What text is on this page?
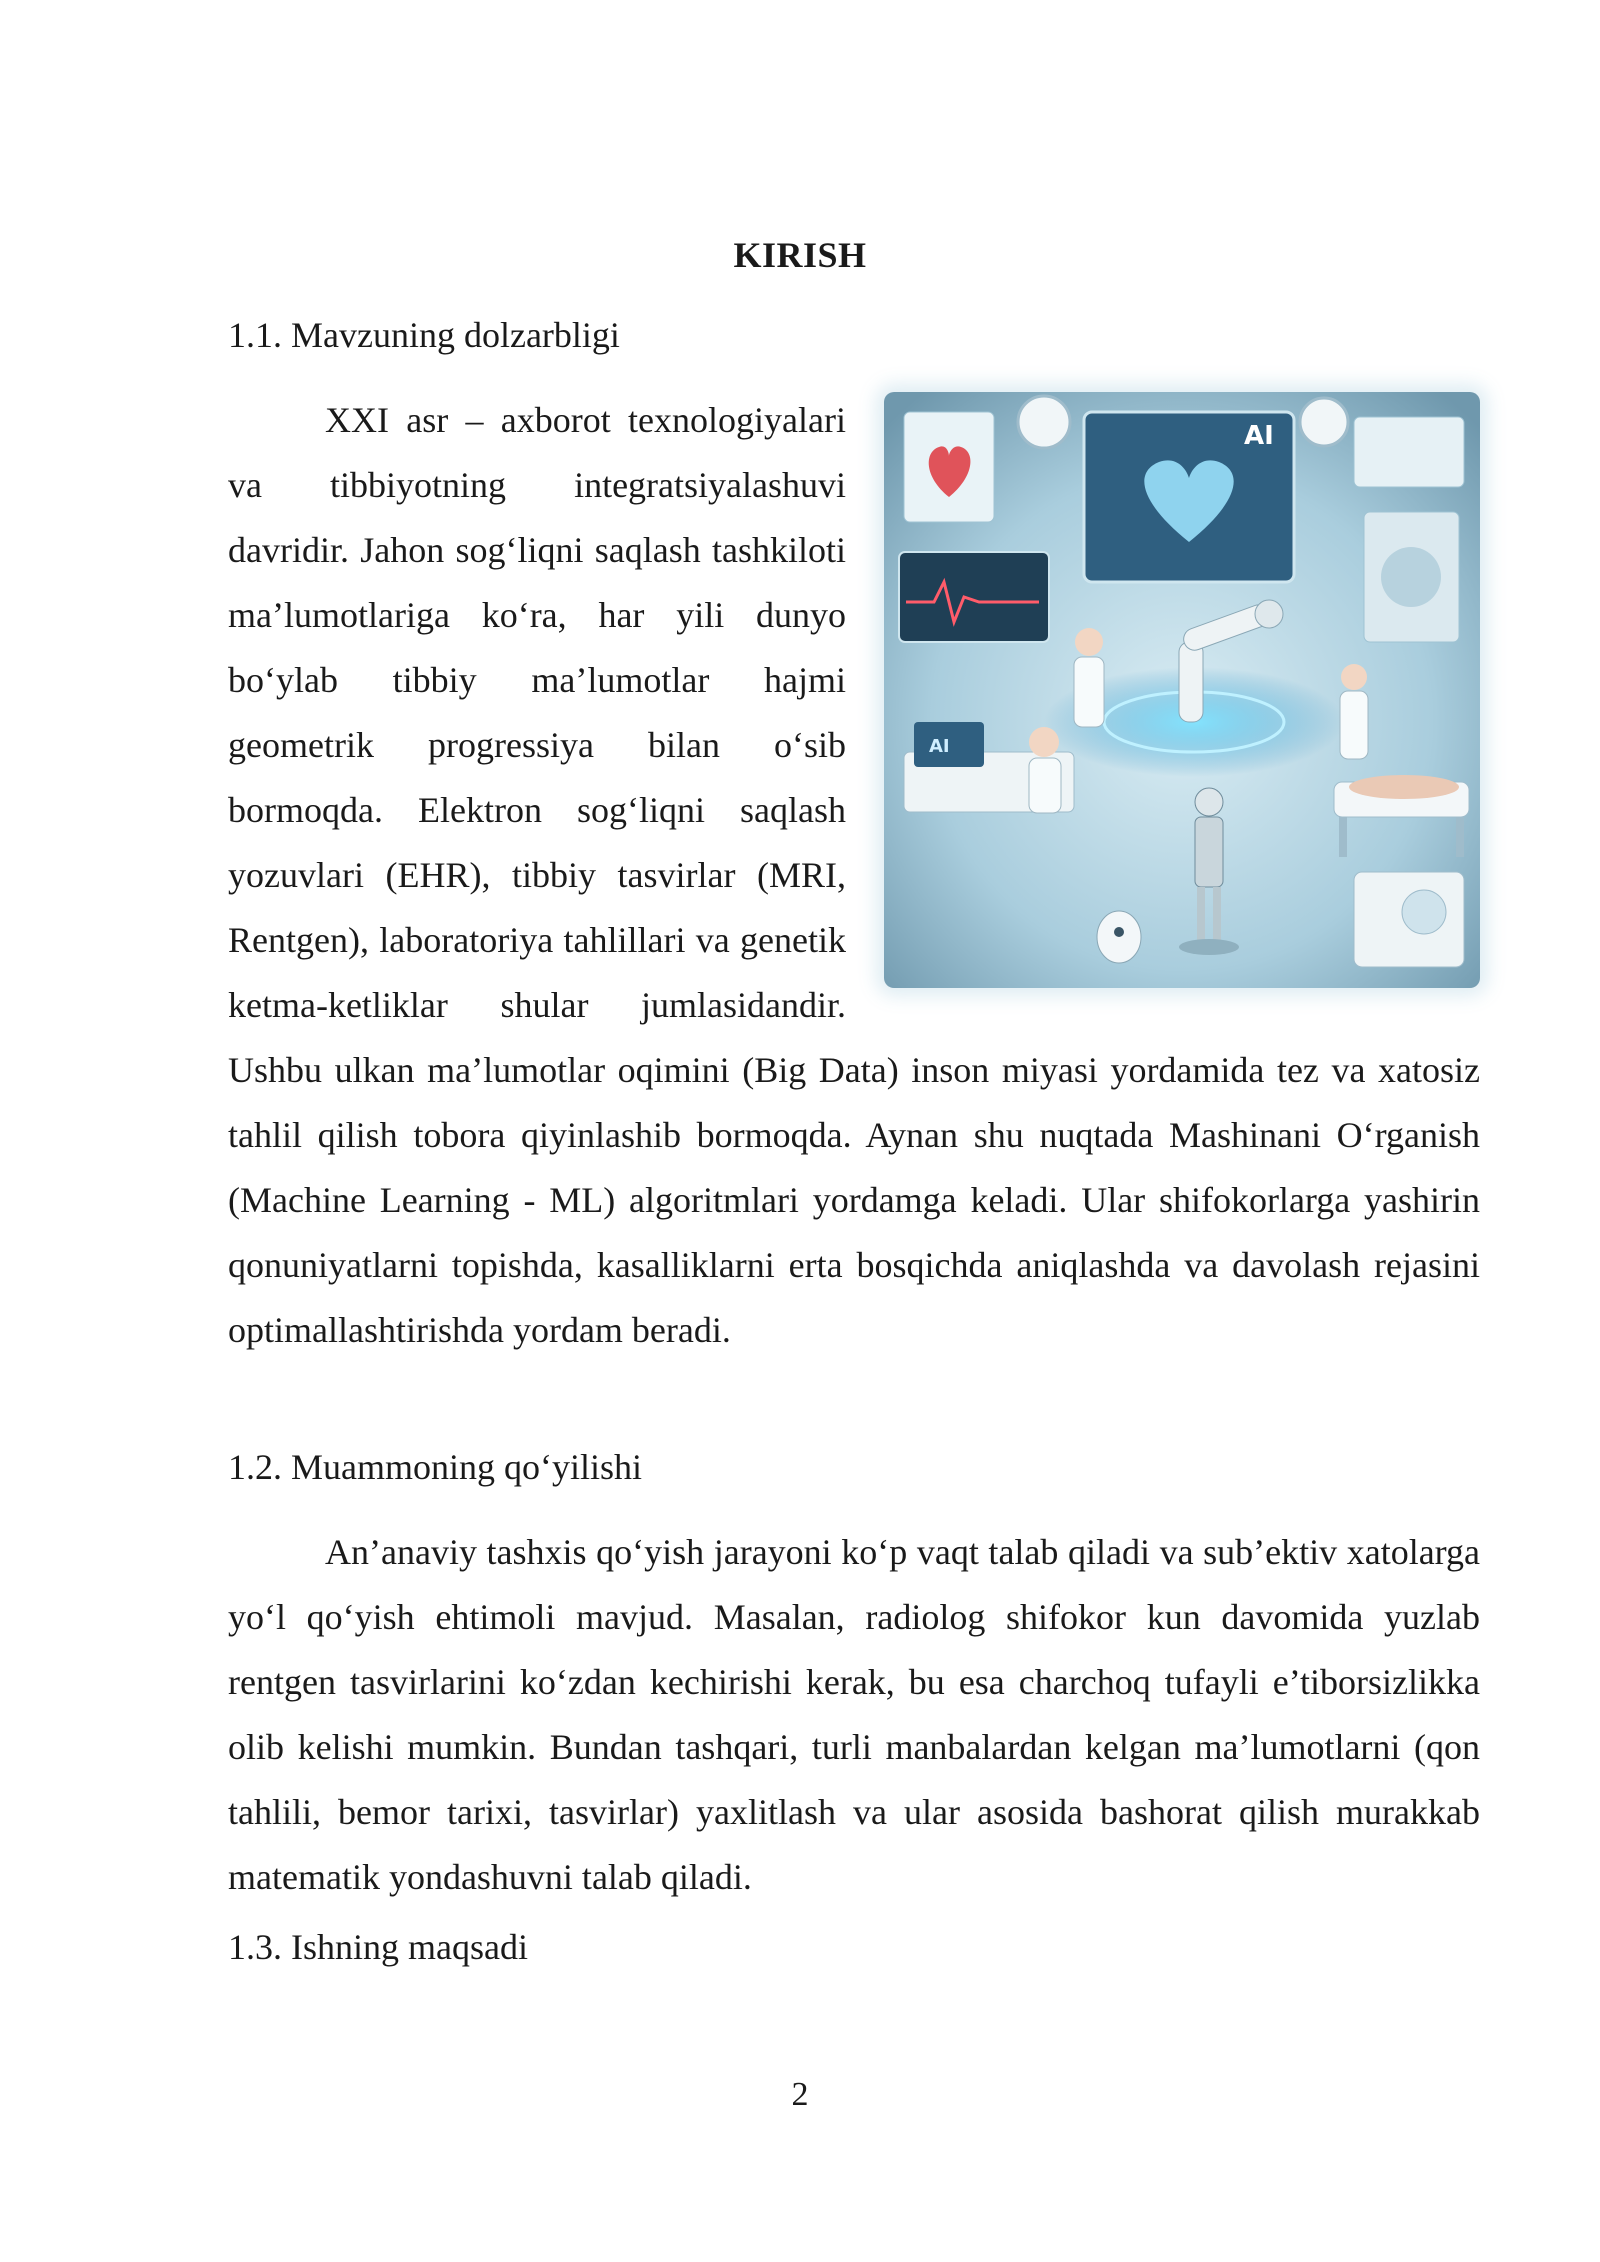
KIRISH
1.1. Mavzuning dolzarbligi
AI
AI
XXI asr – axborot texnologiyalari va tibbiyotning integratsiyalashuvi davridir. Jahon sog‘liqni saqlash tashkiloti ma’lumotlariga ko‘ra, har yili dunyo bo‘ylab tibbiy ma’lumotlar hajmi geometrik progressiya bilan o‘sib bormoqda. Elektron sog‘liqni saqlash yozuvlari (EHR), tibbiy tasvirlar (MRI, Rentgen), laboratoriya tahlillari va genetik ketma-ketliklar shular jumlasidandir. Ushbu ulkan ma’lumotlar oqimini (Big Data) inson miyasi yordamida tez va xatosiz tahlil qilish tobora qiyinlashib bormoqda. Aynan shu nuqtada Mashinani O‘rganish (Machine Learning - ML) algoritmlari yordamga keladi. Ular shifokorlarga yashirin qonuniyatlarni topishda, kasalliklarni erta bosqichda aniqlashda va davolash rejasini optimallashtirishda yordam beradi.
1.2. Muammoning qo‘yilishi
An’anaviy tashxis qo‘yish jarayoni ko‘p vaqt talab qiladi va sub’ektiv xatolarga yo‘l qo‘yish ehtimoli mavjud. Masalan, radiolog shifokor kun davomida yuzlab rentgen tasvirlarini ko‘zdan kechirishi kerak, bu esa charchoq tufayli e’tiborsizlikka olib kelishi mumkin. Bundan tashqari, turli manbalardan kelgan ma’lumotlarni (qon tahlili, bemor tarixi, tasvirlar) yaxlitlash va ular asosida bashorat qilish murakkab matematik yondashuvni talab qiladi.
1.3. Ishning maqsadi
2
